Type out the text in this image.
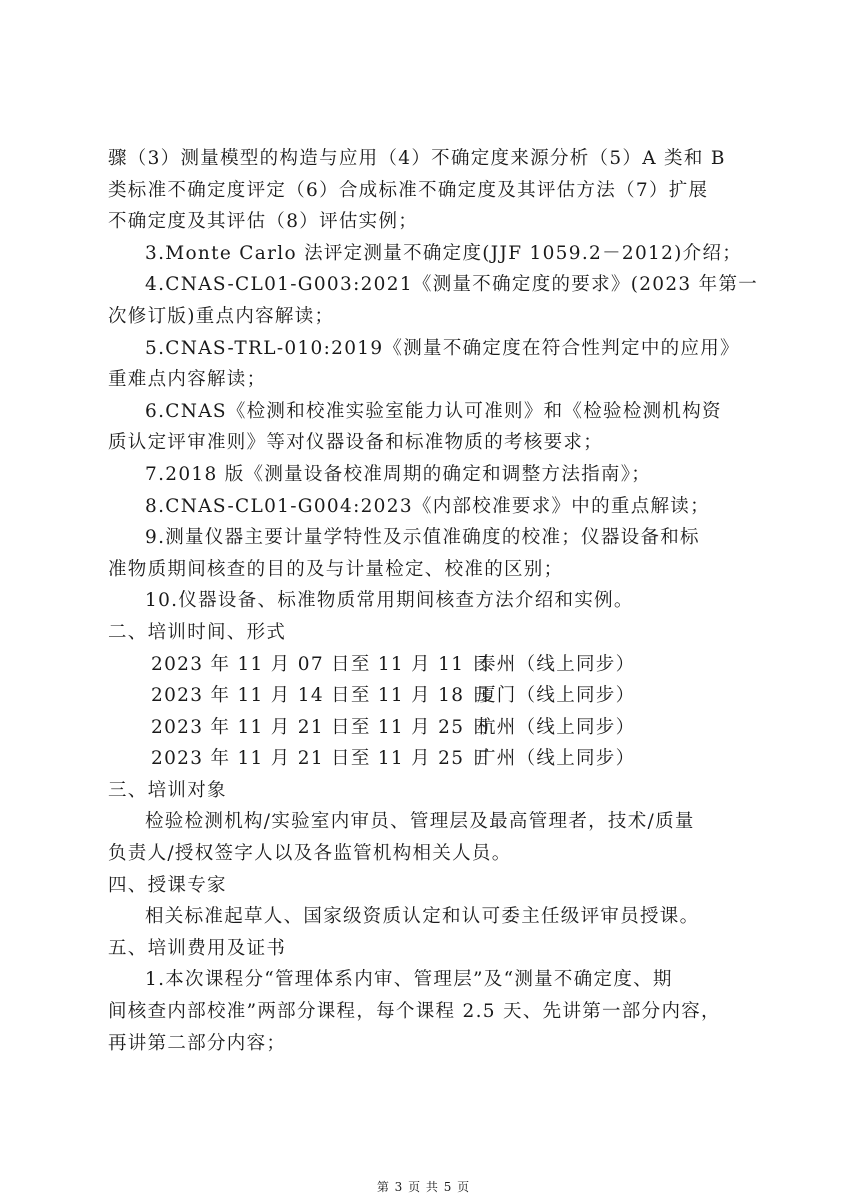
骤（3）测量模型的构造与应用（4）不确定度来源分析（5）A 类和 B
类标准不确定度评定（6）合成标准不确定度及其评估方法（7）扩展
不确定度及其评估（8）评估实例；
3.Monte Carlo 法评定测量不确定度(JJF 1059.2－2012)介绍；
4.CNAS-CL01-G003:2021《测量不确定度的要求》(2023 年第一
次修订版)重点内容解读；
5.CNAS-TRL-010:2019《测量不确定度在符合性判定中的应用》
重难点内容解读；
6.CNAS《检测和校准实验室能力认可准则》和《检验检测机构资
质认定评审准则》等对仪器设备和标准物质的考核要求；
7.2018 版《测量设备校准周期的确定和调整方法指南》；
8.CNAS-CL01-G004:2023《内部校准要求》中的重点解读；
9.测量仪器主要计量学特性及示值准确度的校准；仪器设备和标
准物质期间核查的目的及与计量检定、校准的区别；
10.仪器设备、标准物质常用期间核查方法介绍和实例。
二、培训时间、形式
2023 年 11 月 07 日至 11 月 11 日泰州（线上同步）
2023 年 11 月 14 日至 11 月 18 日厦门（线上同步）
2023 年 11 月 21 日至 11 月 25 日杭州（线上同步）
2023 年 11 月 21 日至 11 月 25 日广州（线上同步）
三、培训对象
检验检测机构/实验室内审员、管理层及最高管理者，技术/质量
负责人/授权签字人以及各监管机构相关人员。
四、授课专家
相关标准起草人、国家级资质认定和认可委主任级评审员授课。
五、培训费用及证书
1.本次课程分“管理体系内审、管理层”及“测量不确定度、期
间核查内部校准”两部分课程，每个课程 2.5 天、先讲第一部分内容，
再讲第二部分内容；
第 3 页 共 5 页
